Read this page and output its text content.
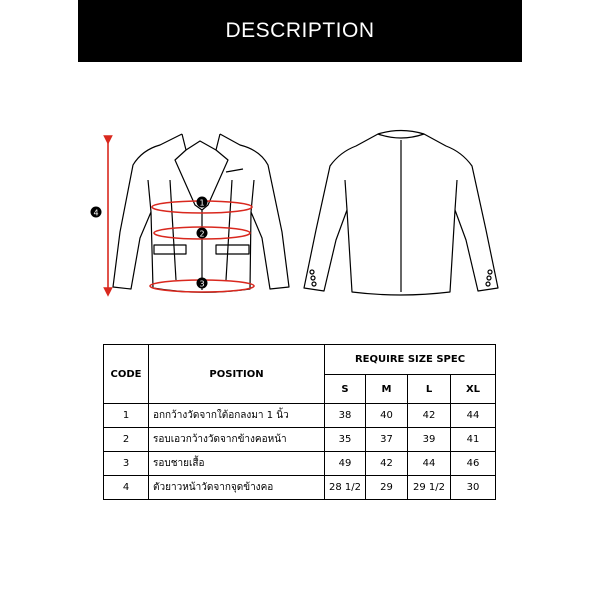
DESCRIPTION
1
2
3
4
CODE	POSITION	REQUIRE SIZE SPEC			
		S	M	L	XL
1	อกกว้างวัดจากใต้อกลงมา 1 นิ้ว	38	40	42	44
2	รอบเอวกว้างวัดจากข้างคอหน้า	35	37	39	41
3	รอบชายเสื้อ	49	42	44	46
4	ตัวยาวหน้าวัดจากจุดข้างคอ	28 1/2	29	29 1/2	30
